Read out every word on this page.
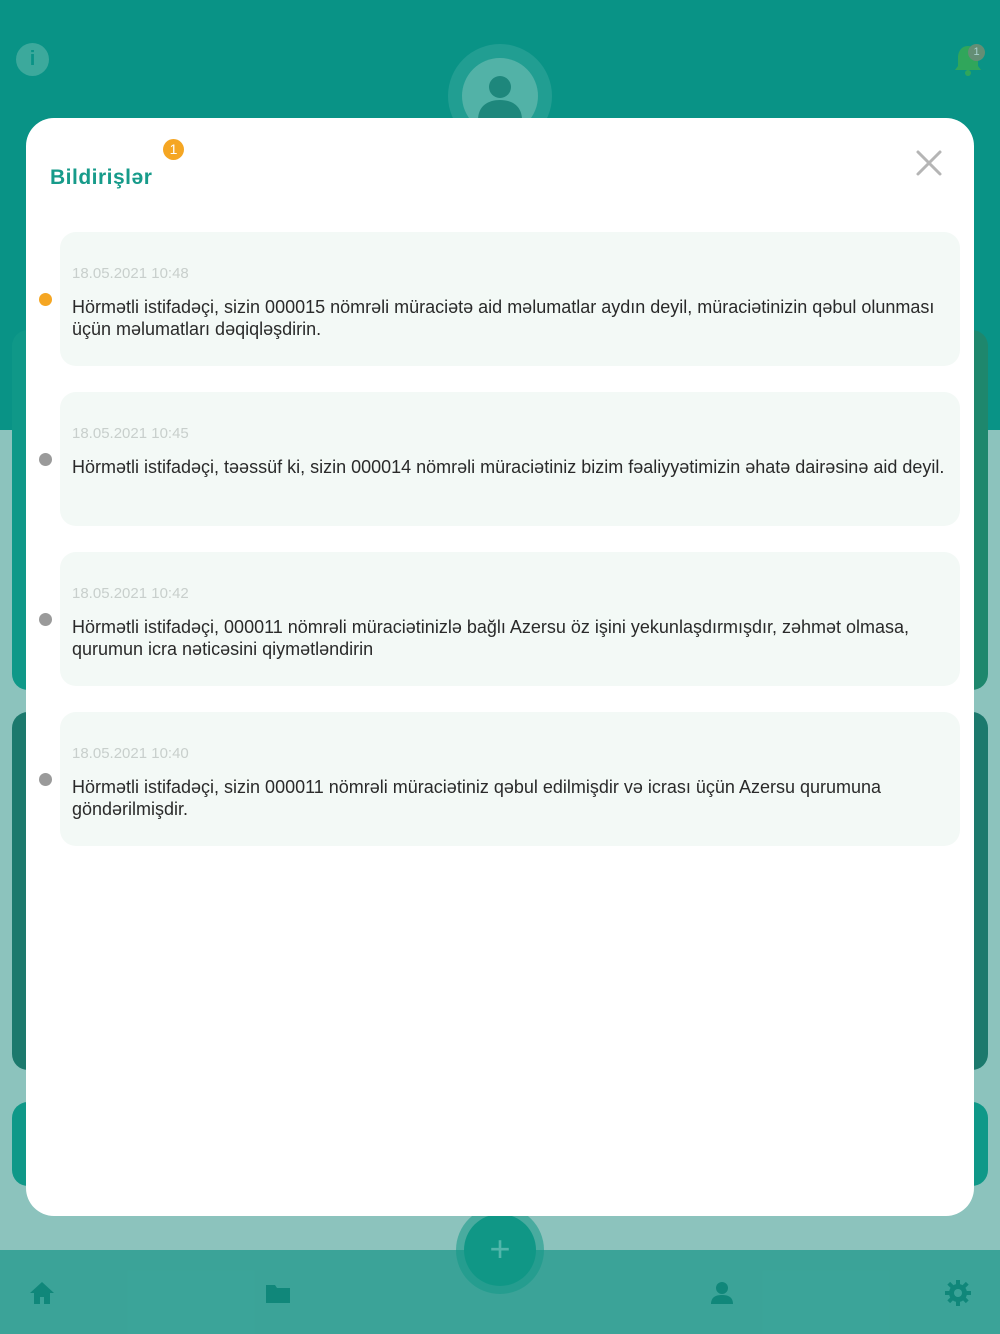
i	1
+
Bildirişlər
1
18.05.2021 10:48
Hörmətli istifadəçi, sizin 000015 nömrəli müraciətə aid məlumatlar aydın deyil, müraciətinizin qəbul olunması üçün məlumatları dəqiqləşdirin.
18.05.2021 10:45
Hörmətli istifadəçi, təəssüf ki, sizin 000014 nömrəli müraciətiniz bizim fəaliyyətimizin əhatə dairəsinə aid deyil.
18.05.2021 10:42
Hörmətli istifadəçi, 000011 nömrəli müraciətinizlə bağlı Azersu öz işini yekunlaşdırmışdır, zəhmət olmasa, qurumun icra nəticəsini qiymətləndirin
18.05.2021 10:40
Hörmətli istifadəçi, sizin 000011 nömrəli müraciətiniz qəbul edilmişdir və icrası üçün Azersu qurumuna göndərilmişdir.
